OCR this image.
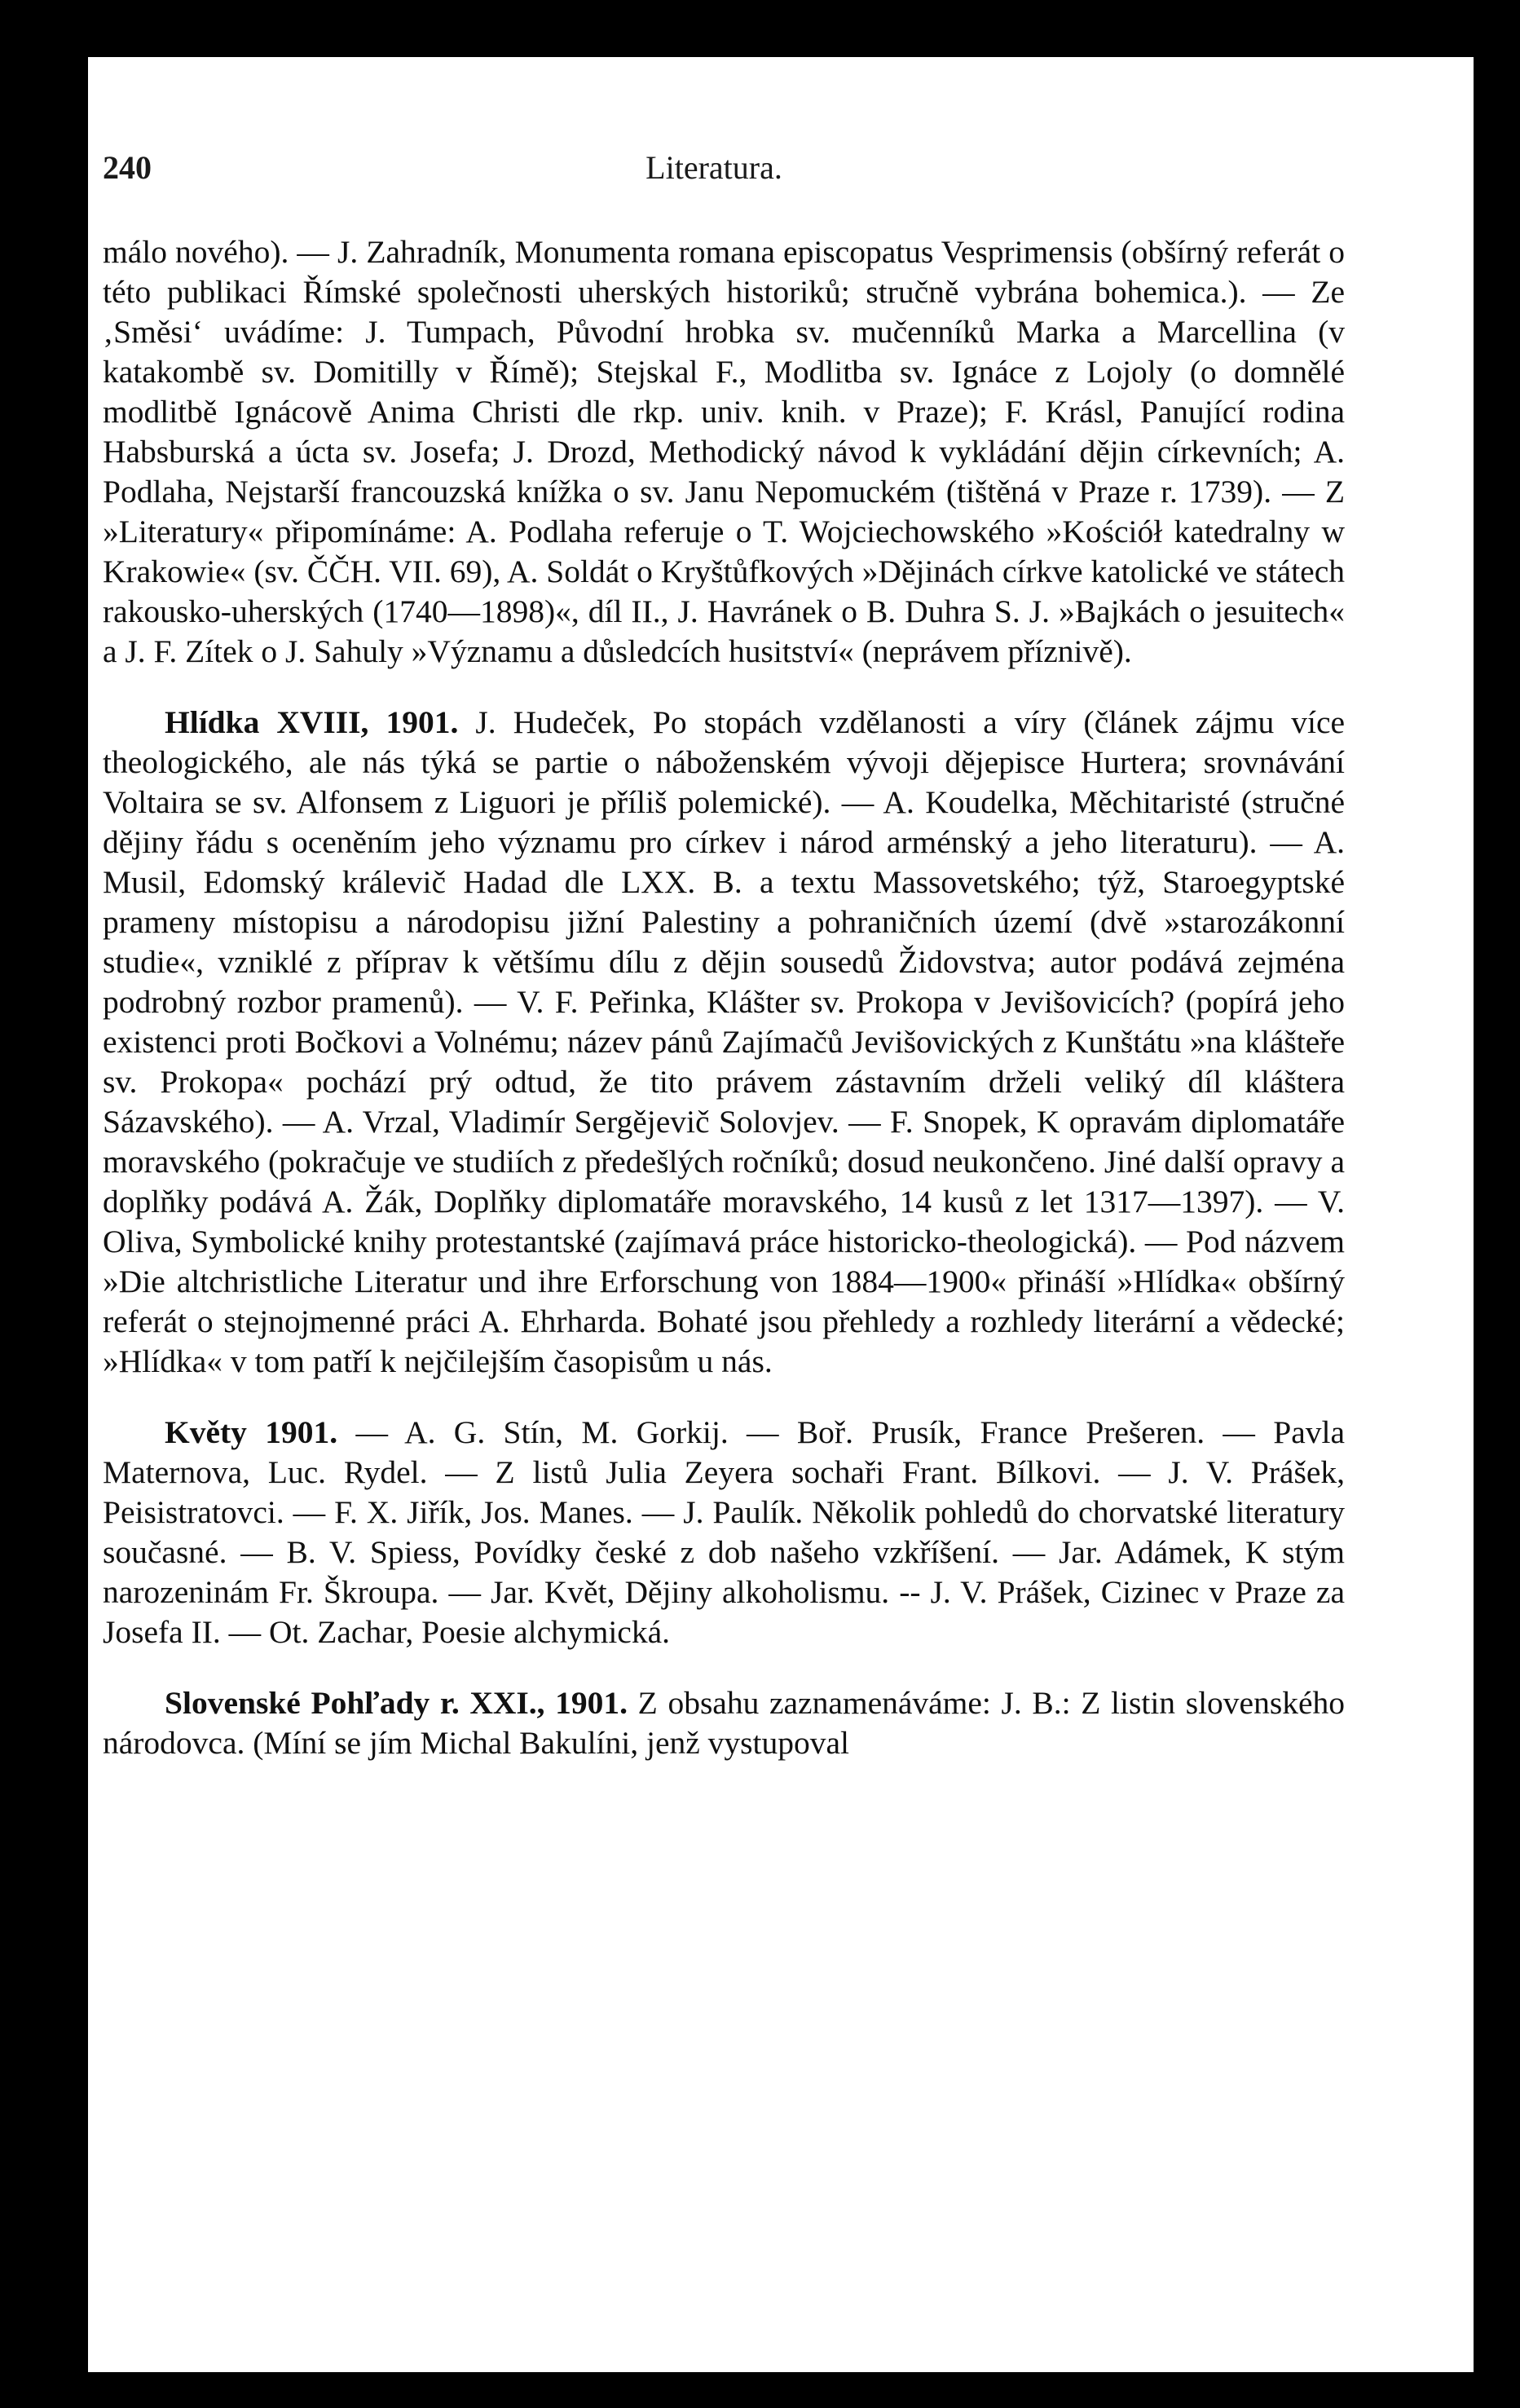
240	Literatura.

málo nového). — J. Zahradník, Monumenta romana episcopatus Vesprimensis (obšírný referát o této publikaci Římské společnosti uherských historiků; stručně vybrána bohemica.). — Ze ‚Směsi‘ uvádíme: J. Tumpach, Původní hrobka sv. mučenníků Marka a Marcellina (v katakombě sv. Domitilly v Římě); Stejskal F., Modlitba sv. Ignáce z Lojoly (o domnělé modlitbě Ignácově Anima Christi dle rkp. univ. knih. v Praze); F. Krásl, Panující rodina Habsburská a úcta sv. Josefa; J. Drozd, Methodický návod k vykládání dějin církevních; A. Podlaha, Nejstarší francouzská knížka o sv. Janu Nepomuckém (tištěná v Praze r. 1739). — Z »Literatury« připomínáme: A. Podlaha referuje o T. Wojciechowského »Kościół katedralny w Krakowie« (sv. ČČH. VII. 69), A. Soldát o Kryštůfkových »Dějinách církve katolické ve státech rakousko-uherských (1740—1898)«, díl II., J. Havránek o B. Duhra S. J. »Bajkách o jesuitech« a J. F. Zítek o J. Sahuly »Významu a důsledcích husitství« (neprávem příznivě).

Hlídka XVIII, 1901. J. Hudeček, Po stopách vzdělanosti a víry (článek zájmu více theologického, ale nás týká se partie o náboženském vývoji dějepisce Hurtera; srovnávání Voltaira se sv. Alfonsem z Liguori je příliš polemické). — A. Koudelka, Měchitaristé (stručné dějiny řádu s oceněním jeho významu pro církev i národ arménský a jeho literaturu). — A. Musil, Edomský králevič Hadad dle LXX. B. a textu Massovetského; týž, Staroegyptské prameny místopisu a národopisu jižní Palestiny a pohraničních území (dvě »starozákonní studie«, vzniklé z příprav k většímu dílu z dějin sousedů Židovstva; autor podává zejména podrobný rozbor pramenů). — V. F. Peřinka, Klášter sv. Prokopa v Jevišovicích? (popírá jeho existenci proti Bočkovi a Volnému; název pánů Zajímačů Jevišovických z Kunštátu »na klášteře sv. Prokopa« pochází prý odtud, že tito právem zástavním drželi veliký díl kláštera Sázavského). — A. Vrzal, Vladimír Sergějevič Solovjev. — F. Snopek, K opravám diplomatáře moravského (pokračuje ve studiích z předešlých ročníků; dosud neukončeno. Jiné další opravy a doplňky podává A. Žák, Doplňky diplomatáře moravského, 14 kusů z let 1317—1397). — V. Oliva, Symbolické knihy protestantské (zajímavá práce historicko-theologická). — Pod názvem »Die altchristliche Literatur und ihre Erforschung von 1884—1900« přináší »Hlídka« obšírný referát o stejnojmenné práci A. Ehrharda. Bohaté jsou přehledy a rozhledy literární a vědecké; »Hlídka« v tom patří k nejčilejším časopisům u nás.

Květy 1901. — A. G. Stín, M. Gorkij. — Boř. Prusík, France Prešeren. — Pavla Maternova, Luc. Rydel. — Z listů Julia Zeyera sochaři Frant. Bílkovi. — J. V. Prášek, Peisistratovci. — F. X. Jiřík, Jos. Manes. — J. Paulík. Několik pohledů do chorvatské literatury současné. — B. V. Spiess, Povídky české z dob našeho vzkříšení. — Jar. Adámek, K stým narozeninám Fr. Škroupa. — Jar. Květ, Dějiny alkoholismu. -- J. V. Prášek, Cizinec v Praze za Josefa II. — Ot. Zachar, Poesie alchymická.

Slovenské Pohľady r. XXI., 1901. Z obsahu zaznamenáváme: J. B.: Z listin slovenského národovca. (Míní se jím Michal Bakulíni, jenž vystupoval
